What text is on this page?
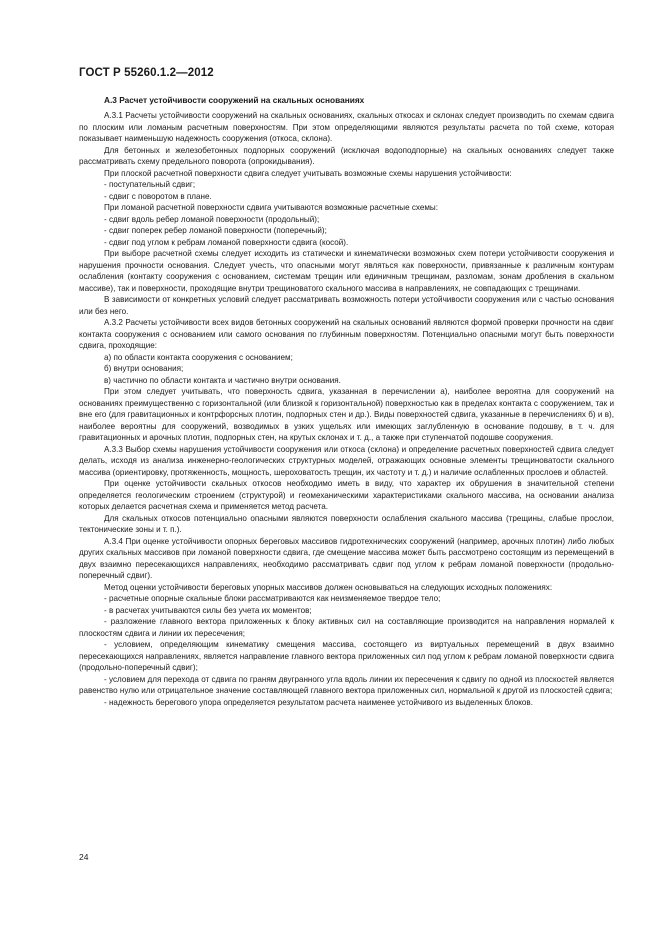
ГОСТ Р 55260.1.2—2012
А.3 Расчет устойчивости сооружений на скальных основаниях

А.3.1 Расчеты устойчивости сооружений на скальных основаниях, скальных откосах и склонах следует производить по схемам сдвига по плоским или ломаным расчетным поверхностям. При этом определяющими являются результаты расчета по той схеме, которая показывает наименьшую надежность сооружения (откоса, склона).

Для бетонных и железобетонных подпорных сооружений (исключая водоподпорные) на скальных основаниях следует также рассматривать схему предельного поворота (опрокидывания).

При плоской расчетной поверхности сдвига следует учитывать возможные схемы нарушения устойчивости:

- поступательный сдвиг;

- сдвиг с поворотом в плане.

При ломаной расчетной поверхности сдвига учитываются возможные расчетные схемы:

- сдвиг вдоль ребер ломаной поверхности (продольный);

- сдвиг поперек ребер ломаной поверхности (поперечный);

- сдвиг под углом к ребрам ломаной поверхности сдвига (косой).

При выборе расчетной схемы следует исходить из статически и кинематически возможных схем потери устойчивости сооружения и нарушения прочности основания. Следует учесть, что опасными могут являться как поверхности, привязанные к различным контурам ослабления (контакту сооружения с основанием, системам трещин или единичным трещинам, разломам, зонам дробления в скальном массиве), так и поверхности, проходящие внутри трещиноватого скального массива в направлениях, не совпадающих с трещинами.

В зависимости от конкретных условий следует рассматривать возможность потери устойчивости сооружения или с частью основания или без него.

А.3.2 Расчеты устойчивости всех видов бетонных сооружений на скальных оснований являются формой проверки прочности на сдвиг контакта сооружения с основанием или самого основания по глубинным поверхностям. Потенциально опасными могут быть поверхности сдвига, проходящие:

а) по области контакта сооружения с основанием;

б) внутри основания;

в) частично по области контакта и частично внутри основания.

При этом следует учитывать, что поверхность сдвига, указанная в перечислении а), наиболее вероятна для сооружений на основаниях преимущественно с горизонтальной (или близкой к горизонтальной) поверхностью как в пределах контакта с сооружением, так и вне его (для гравитационных и контрфорсных плотин, подпорных стен и др.). Виды поверхностей сдвига, указанные в перечислениях б) и в), наиболее вероятны для сооружений, возводимых в узких ущельях или имеющих заглубленную в основание подошву, в т. ч. для гравитационных и арочных плотин, подпорных стен, на крутых склонах и т. д., а также при ступенчатой подошве сооружения.

А.3.3 Выбор схемы нарушения устойчивости сооружения или откоса (склона) и определение расчетных поверхностей сдвига следует делать, исходя из анализа инженерно-геологических структурных моделей, отражающих основные элементы трещиноватости скального массива (ориентировку, протяженность, мощность, шероховатость трещин, их частоту и т. д.) и наличие ослабленных прослоев и областей.

При оценке устойчивости скальных откосов необходимо иметь в виду, что характер их обрушения в значительной степени определяется геологическим строением (структурой) и геомеханическими характеристиками скального массива, на основании анализа которых делается расчетная схема и применяется метод расчета.

Для скальных откосов потенциально опасными являются поверхности ослабления скального массива (трещины, слабые прослои, тектонические зоны и т. п.).

А.3.4 При оценке устойчивости опорных береговых массивов гидротехнических сооружений (например, арочных плотин) либо любых других скальных массивов при ломаной поверхности сдвига, где смещение массива может быть рассмотрено состоящим из перемещений в двух взаимно пересекающихся направлениях, необходимо рассматривать сдвиг под углом к ребрам ломаной поверхности (продольно-поперечный сдвиг).

Метод оценки устойчивости береговых упорных массивов должен основываться на следующих исходных положениях:

- расчетные опорные скальные блоки рассматриваются как неизменяемое твердое тело;

- в расчетах учитываются силы без учета их моментов;

- разложение главного вектора приложенных к блоку активных сил на составляющие производится на направления нормалей к плоскостям сдвига и линии их пересечения;

- условием, определяющим кинематику смещения массива, состоящего из виртуальных перемещений в двух взаимно пересекающихся направлениях, является направление главного вектора приложенных сил под углом к ребрам ломаной поверхности сдвига (продольно-поперечный сдвиг);

- условием для перехода от сдвига по граням двугранного угла вдоль линии их пересечения к сдвигу по одной из плоскостей является равенство нулю или отрицательное значение составляющей главного вектора приложенных сил, нормальной к другой из плоскостей сдвига;

- надежность берегового упора определяется результатом расчета наименее устойчивого из выделенных блоков.

24
